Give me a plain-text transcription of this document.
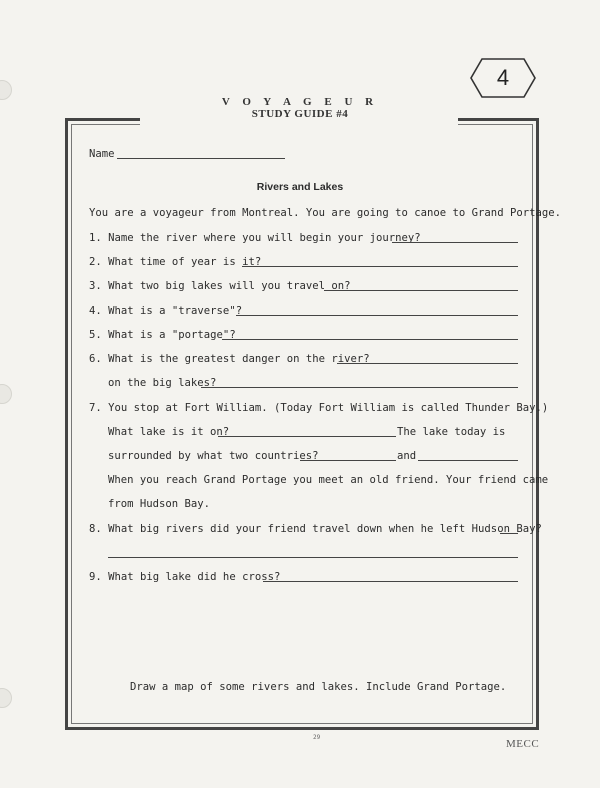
4
V O Y A G E U R
STUDY GUIDE #4
Name
Rivers and Lakes
You are a voyageur from Montreal. You are going to canoe to Grand Portage.
1. Name the river where you will begin your journey?
2. What time of year is it?
3. What two big lakes will you travel on?
4. What is a "traverse"?
5. What is a "portage"?
6. What is the greatest danger on the river?
on the big lakes?
7. You stop at Fort William. (Today Fort William is called Thunder Bay.)
What lake is it on?	The lake today is
surrounded by what two countries?	and
When you reach Grand Portage you meet an old friend. Your friend came
from Hudson Bay.
8. What big rivers did your friend travel down when he left Hudson Bay?
9. What big lake did he cross?
Draw a map of some rivers and lakes. Include Grand Portage.
29
MECC
